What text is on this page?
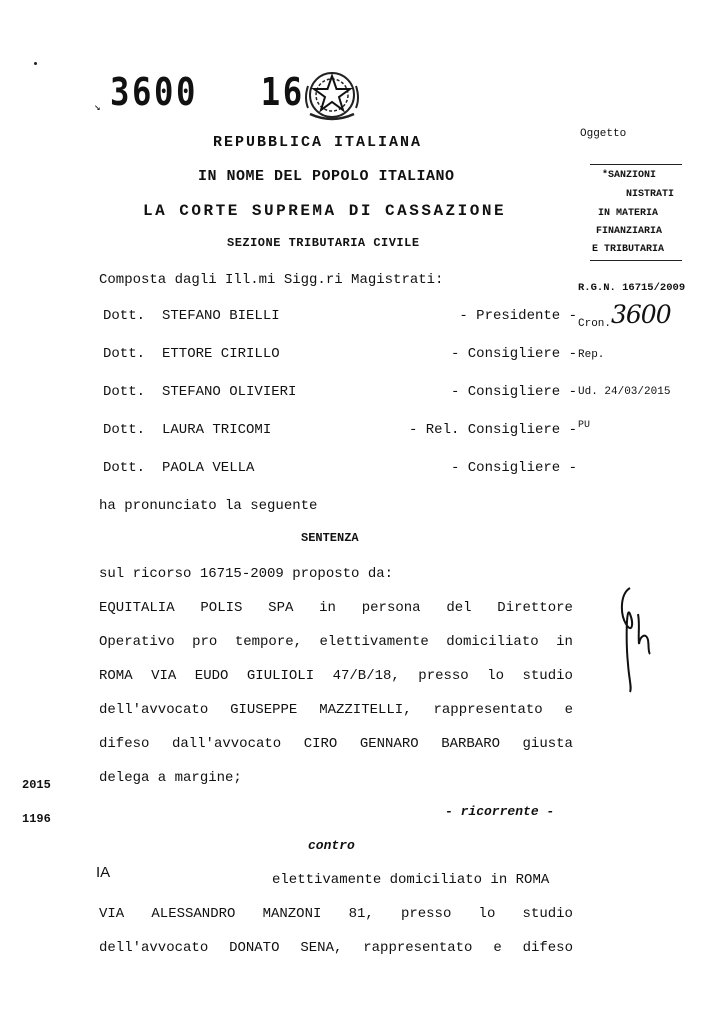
↘ 3600 16
REPUBBLICA ITALIANA
IN NOME DEL POPOLO ITALIANO
LA CORTE SUPREMA DI CASSAZIONE
SEZIONE TRIBUTARIA CIVILE
Oggetto
*SANZIONI
NISTRATI
IN MATERIA
FINANZIARIA
E TRIBUTARIA
R.G.N. 16715/2009
Cron. 3600
Rep.
Ud. 24/03/2015
PU
Composta dagli Ill.mi Sigg.ri Magistrati:
Dott. STEFANO BIELLI	- Presidente -
Dott. ETTORE CIRILLO	- Consigliere -
Dott. STEFANO OLIVIERI	- Consigliere -
Dott. LAURA TRICOMI	- Rel. Consigliere -
Dott. PAOLA VELLA	- Consigliere -
ha pronunciato la seguente
SENTENZA
sul ricorso 16715-2009 proposto da:
EQUITALIA POLIS SPA in persona del Direttore
Operativo pro tempore, elettivamente domiciliato in
ROMA VIA EUDO GIULIOLI 47/B/18, presso lo studio
dell'avvocato GIUSEPPE MAZZITELLI, rappresentato e
difeso dall'avvocato CIRO GENNARO BARBARO giusta
delega a margine;
2015
1196	- ricorrente -
contro
IA	elettivamente domiciliato in ROMA
VIA ALESSANDRO MANZONI 81, presso lo studio
dell'avvocato DONATO SENA, rappresentato e difeso
